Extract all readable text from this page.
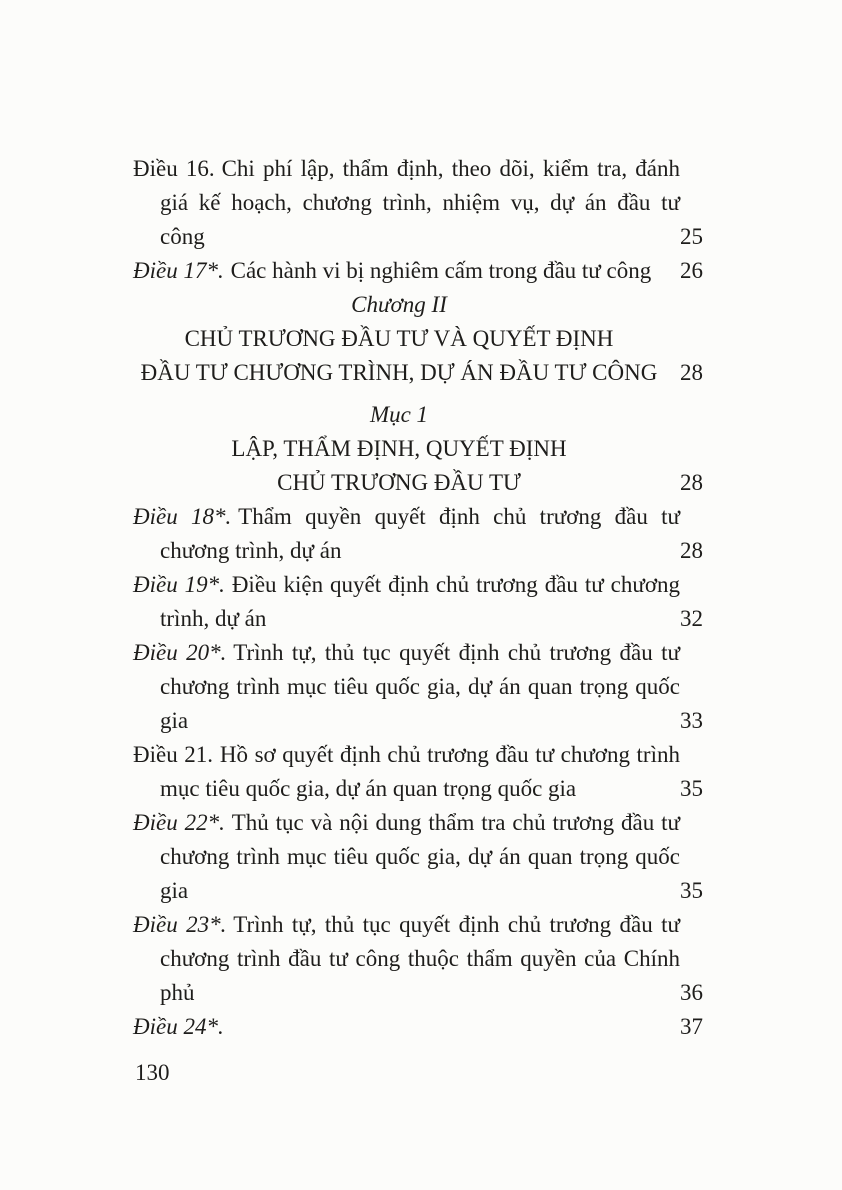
Điều 16. Chi phí lập, thẩm định, theo dõi, kiểm tra, đánh giá kế hoạch, chương trình, nhiệm vụ, dự án đầu tư công	25

Điều 17*. Các hành vi bị nghiêm cấm trong đầu tư công	26

Chương II

CHỦ TRƯƠNG ĐẦU TƯ VÀ QUYẾT ĐỊNH

ĐẦU TƯ CHƯƠNG TRÌNH, DỰ ÁN ĐẦU TƯ CÔNG 28

Mục 1

LẬP, THẨM ĐỊNH, QUYẾT ĐỊNH

CHỦ TRƯƠNG ĐẦU TƯ	28

Điều 18*. Thẩm quyền quyết định chủ trương đầu tư chương trình, dự án	28

Điều 19*. Điều kiện quyết định chủ trương đầu tư chương trình, dự án	32

Điều 20*. Trình tự, thủ tục quyết định chủ trương đầu tư chương trình mục tiêu quốc gia, dự án quan trọng quốc gia	33

Điều 21. Hồ sơ quyết định chủ trương đầu tư chương trình mục tiêu quốc gia, dự án quan trọng quốc gia	35

Điều 22*. Thủ tục và nội dung thẩm tra chủ trương đầu tư chương trình mục tiêu quốc gia, dự án quan trọng quốc gia	35

Điều 23*. Trình tự, thủ tục quyết định chủ trương đầu tư chương trình đầu tư công thuộc thẩm quyền của Chính phủ	36

Điều 24*.	37
130
